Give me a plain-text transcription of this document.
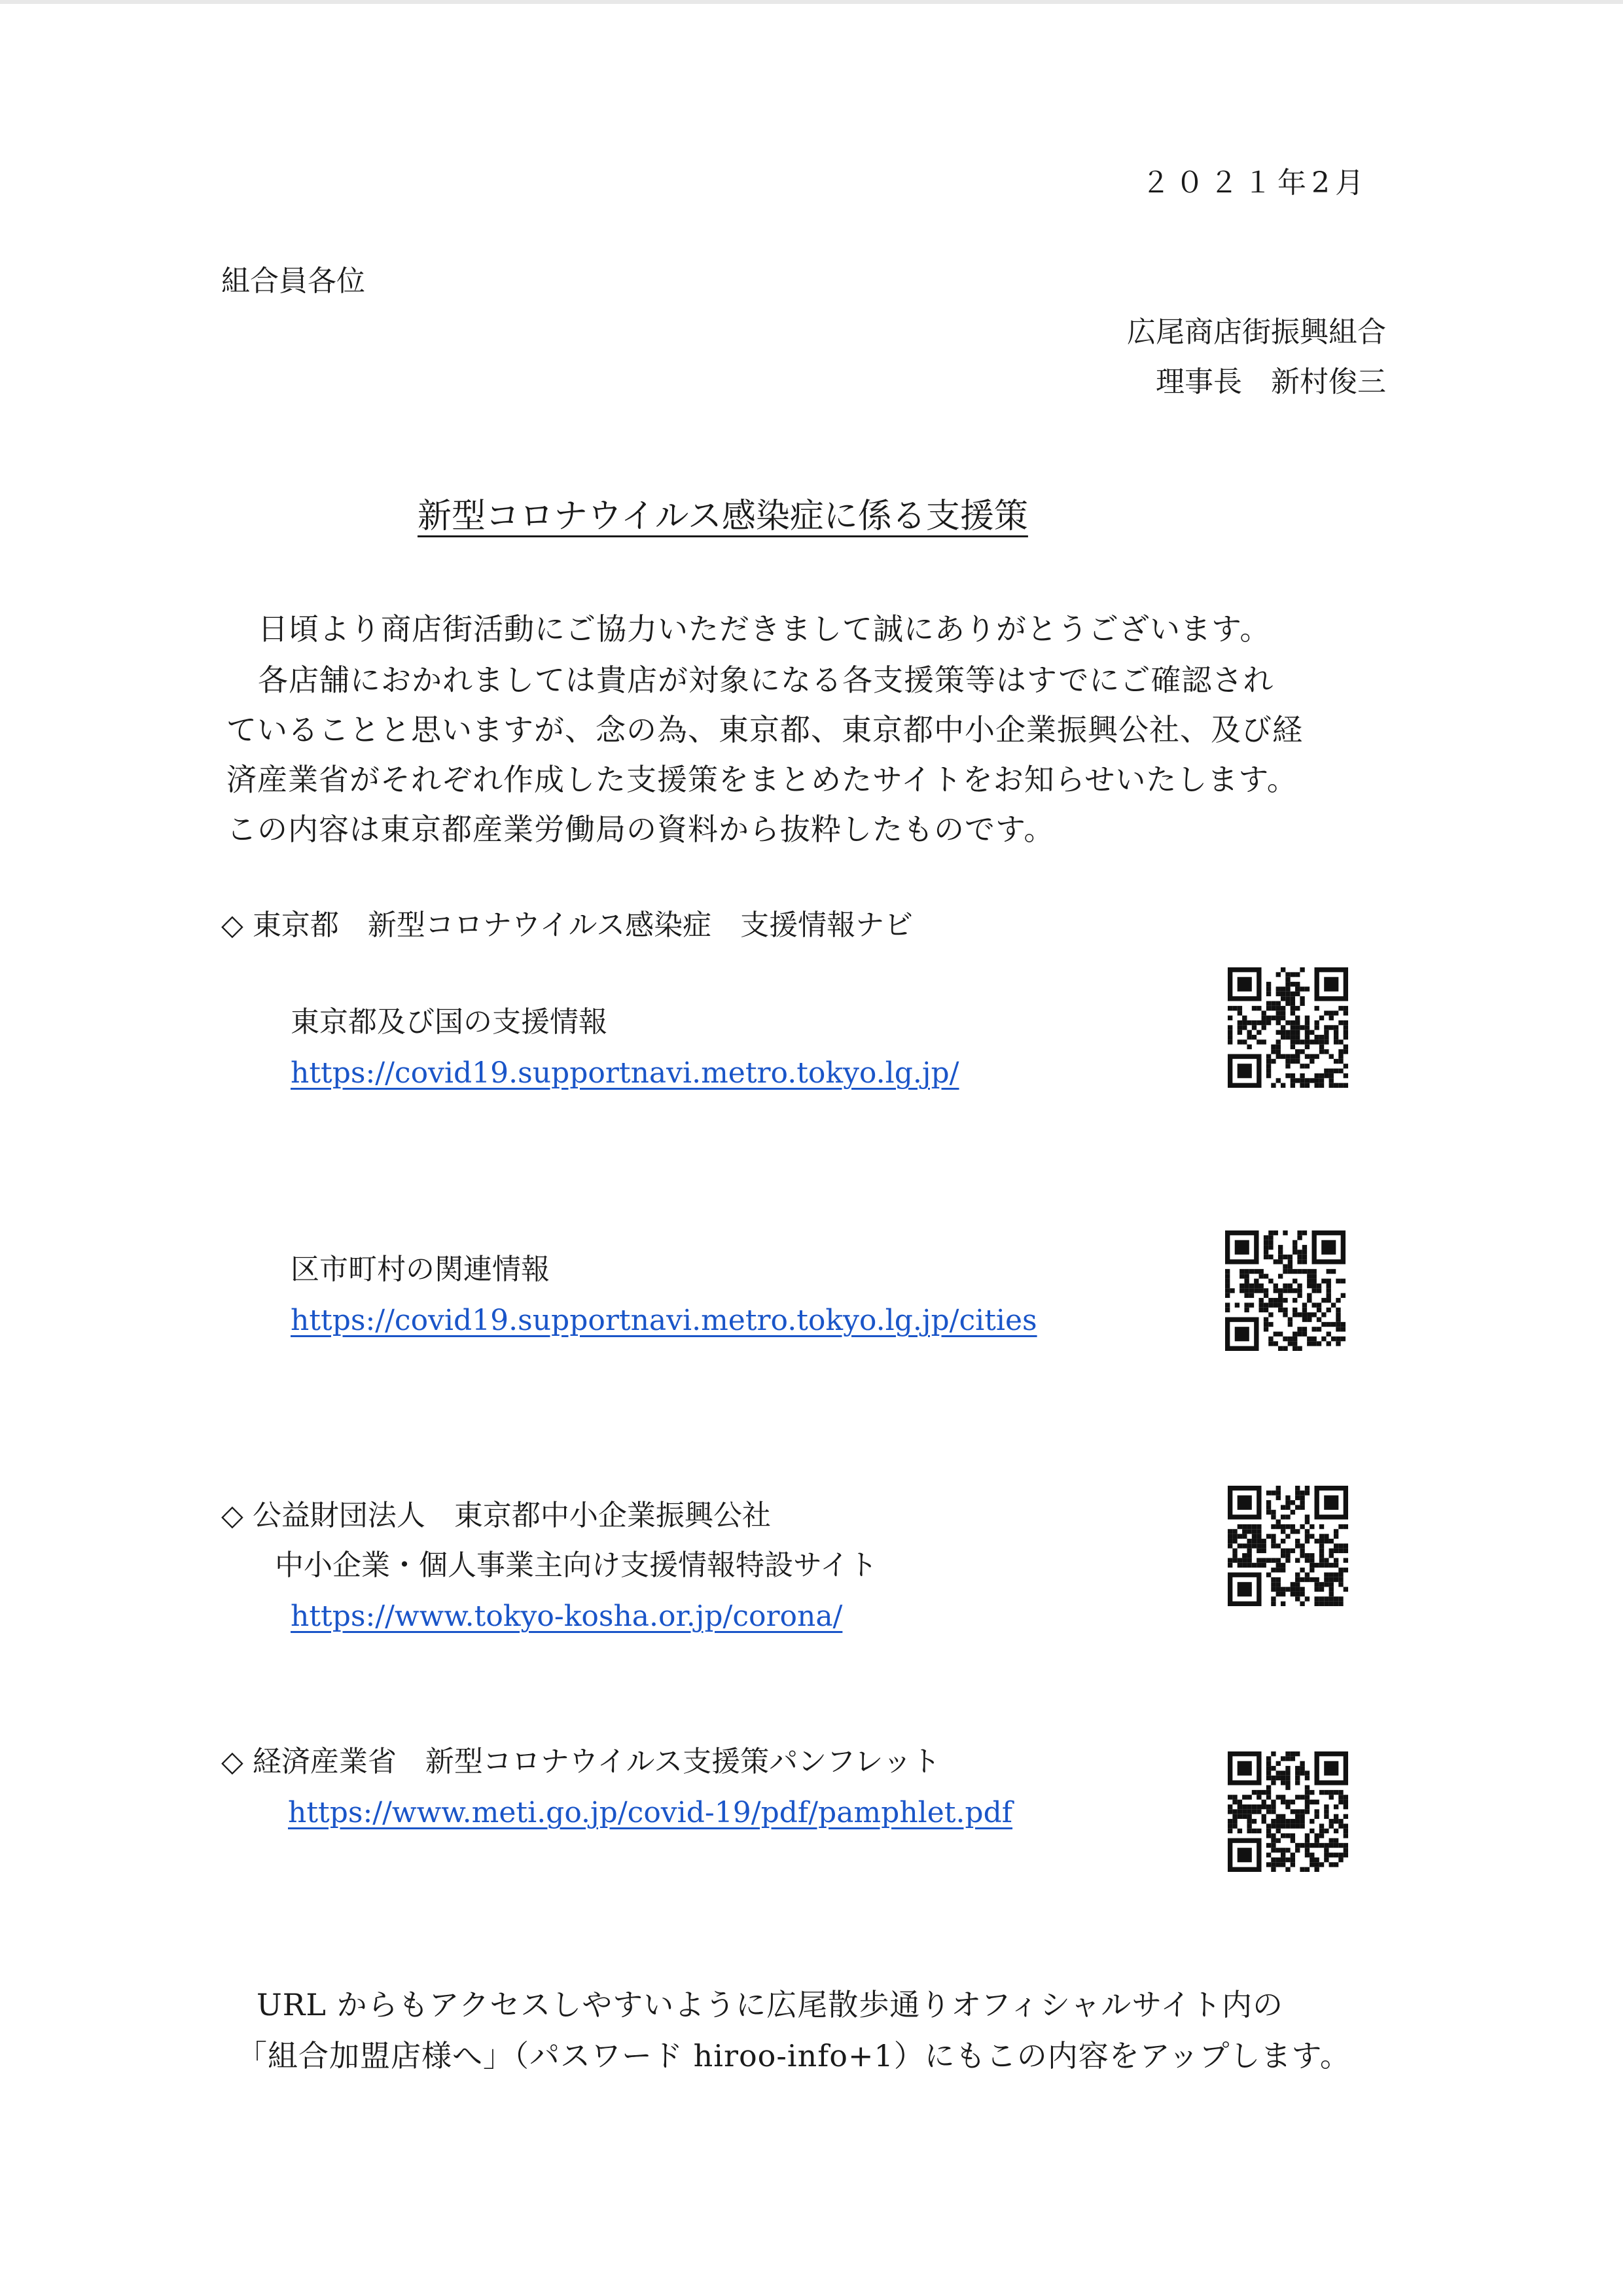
２０２１年2月
組合員各位
広尾商店街振興組合
理事長　新村俊三
新型コロナウイルス感染症に係る支援策
日頃より商店街活動にご協力いただきまして誠にありがとうございます。
各店舗におかれましては貴店が対象になる各支援策等はすでにご確認され
ていることと思いますが、念の為、東京都、東京都中小企業振興公社、及び経
済産業省がそれぞれ作成した支援策をまとめたサイトをお知らせいたします。
この内容は東京都産業労働局の資料から抜粋したものです。
◇ 東京都　新型コロナウイルス感染症　支援情報ナビ
東京都及び国の支援情報
https://covid19.supportnavi.metro.tokyo.lg.jp/
区市町村の関連情報
https://covid19.supportnavi.metro.tokyo.lg.jp/cities
◇ 公益財団法人　東京都中小企業振興公社
中小企業・個人事業主向け支援情報特設サイト
https://www.tokyo-kosha.or.jp/corona/
◇ 経済産業省　新型コロナウイルス支援策パンフレット
https://www.meti.go.jp/covid-19/pdf/pamphlet.pdf
URL からもアクセスしやすいように広尾散歩通りオフィシャルサイト内の
「組合加盟店様へ」（パスワード hiroo-info+1）にもこの内容をアップします。
